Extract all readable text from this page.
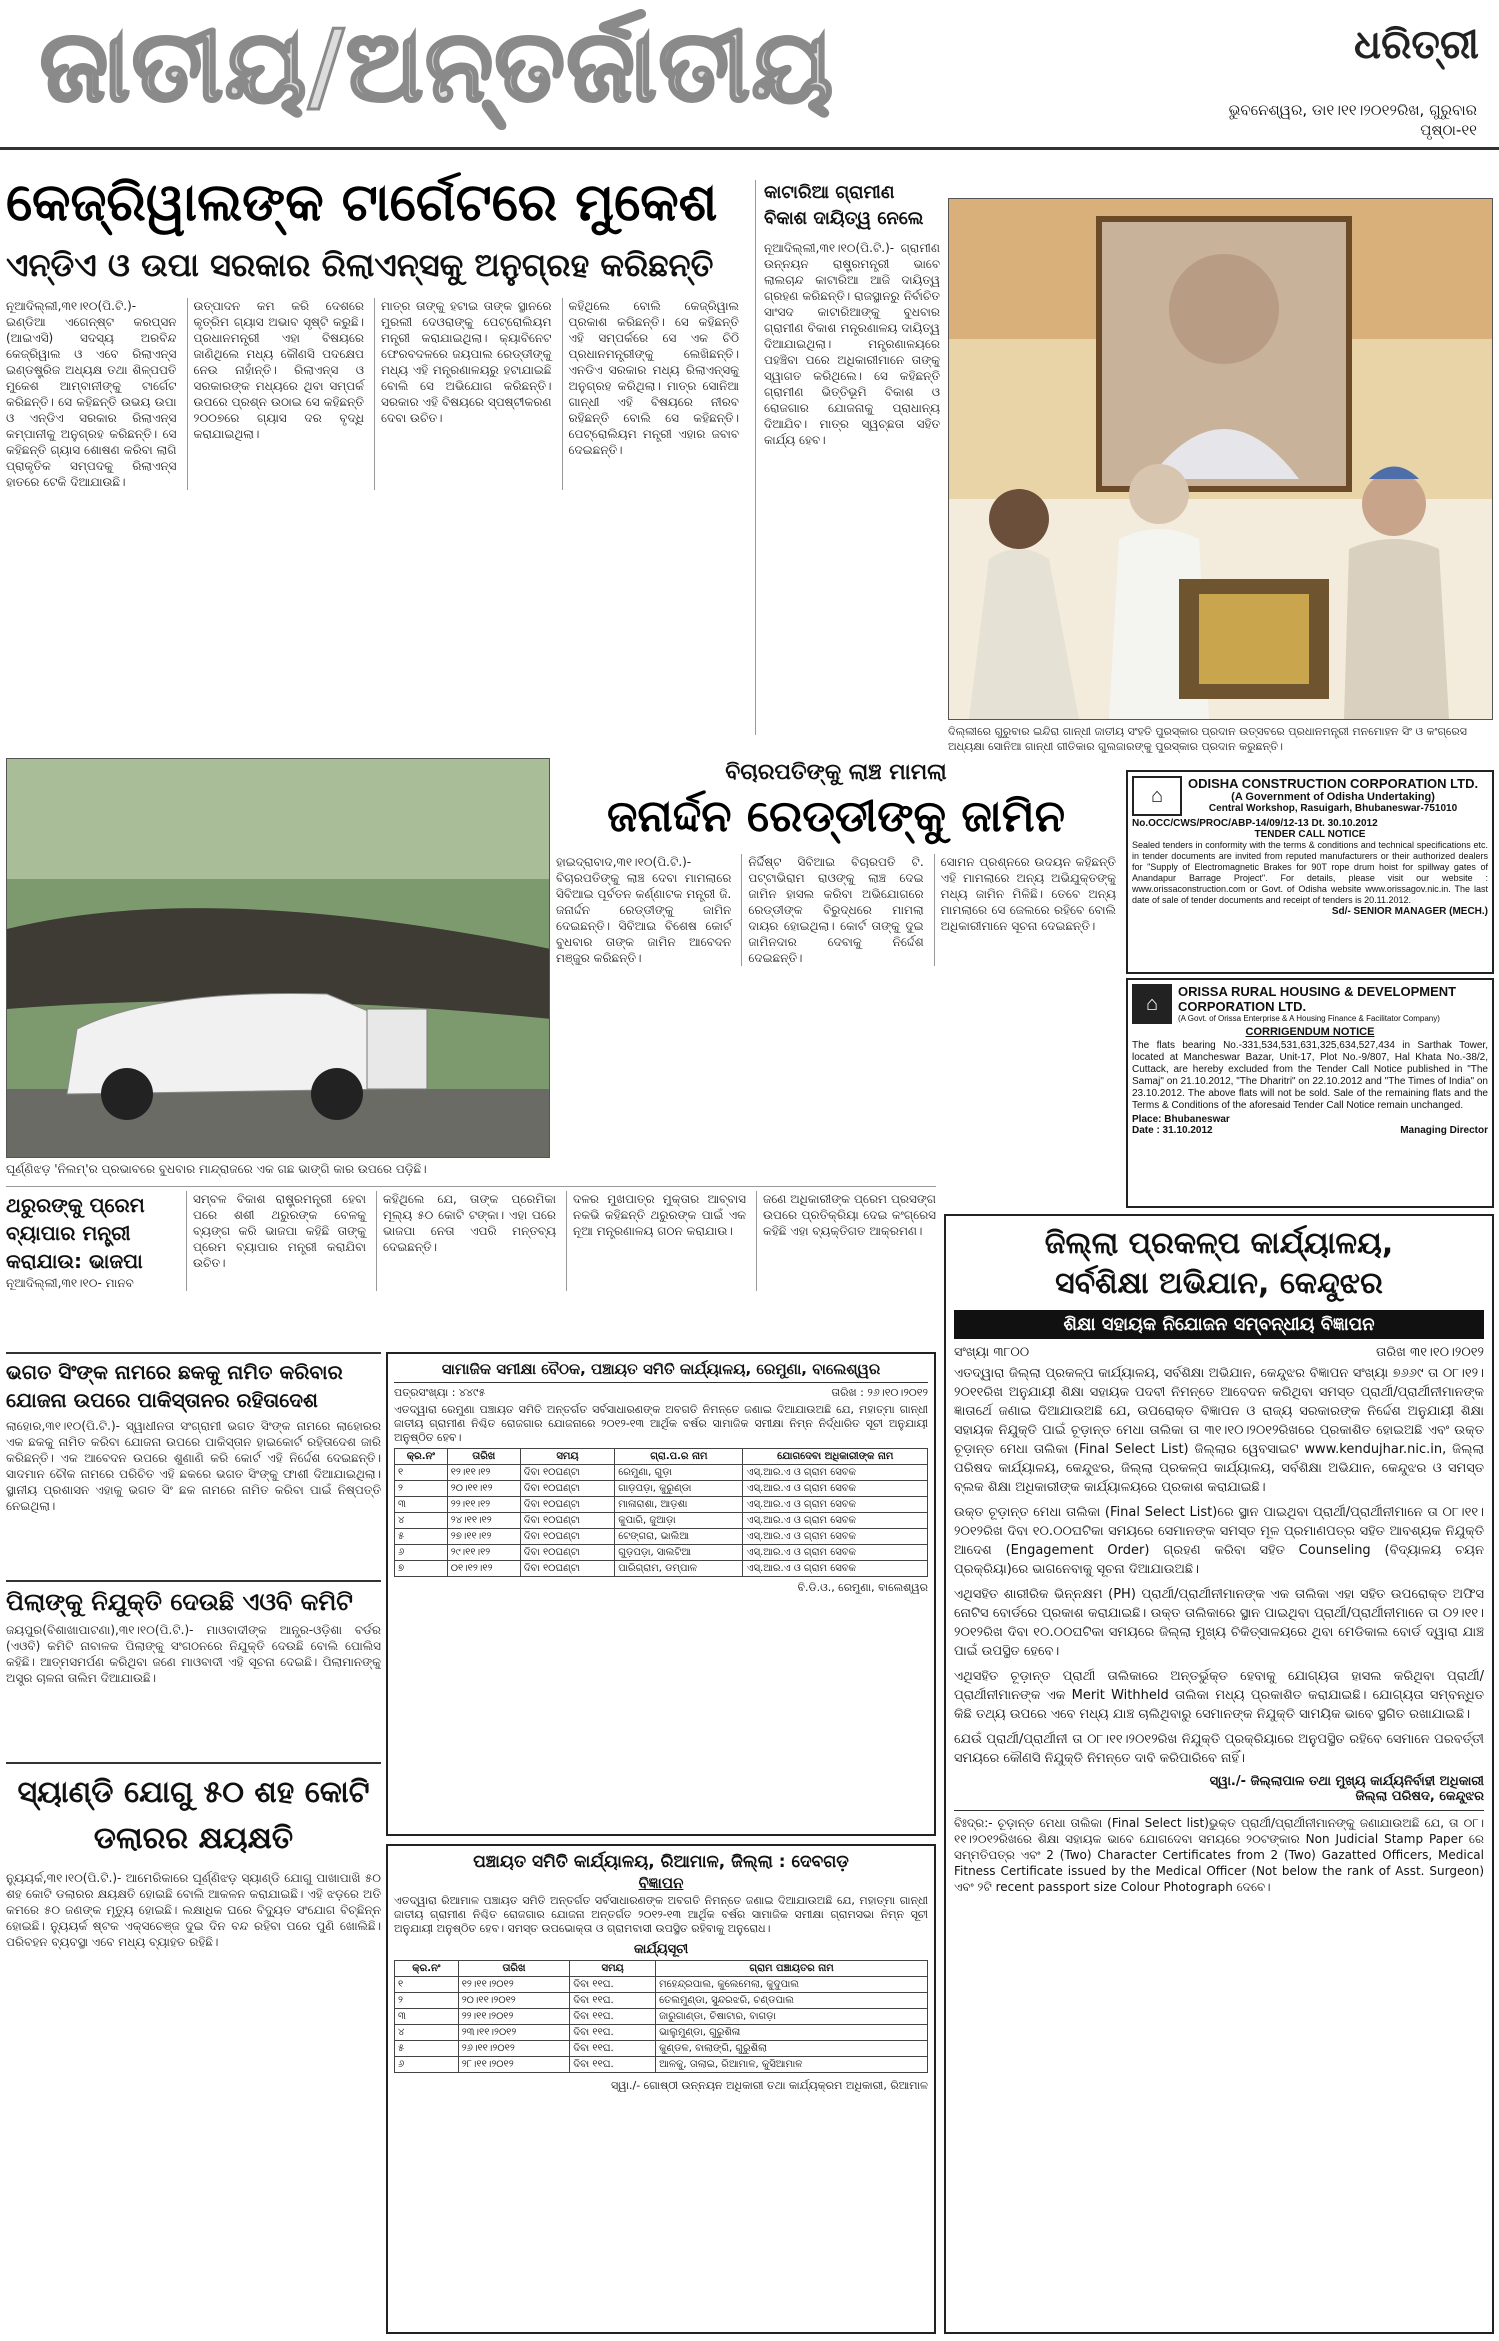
ଜାତୀୟ/ଅନ୍ତର୍ଜାତୀୟ	ଧରିତ୍ରୀ
ଭୁବନେଶ୍ୱର, ଡା୧।୧୧।୨୦୧୨ରିଖ, ଗୁରୁବାର
ପୃଷ୍ଠା-୧୧
କେଜ୍‌ରିୱାଲଙ୍କ ଟାର୍ଗେଟରେ ମୁକେଶ
ଏନ୍‌ଡିଏ ଓ ଉପା ସରକାର ରିଲାଏନ୍ସକୁ ଅନୁଗ୍ରହ କରିଛନ୍ତି
ନୂଆଦିଲ୍ଲୀ,୩୧।୧୦(ପି.ଟି.)- ଇଣ୍ଡିଆ ଏଗେନ୍‌ଷ୍ଟ କରପ୍ସନ (ଆଇଏସି) ସଦସ୍ୟ ଅରବିନ୍ଦ କେଜ୍‌ରିୱାଲ ଓ ଏବେ ରିଲାଏନ୍ସ ଇଣ୍ଡଷ୍ଟ୍ରିଜ ଅଧ୍ୟକ୍ଷ ତଥା ଶିଳ୍ପପତି ମୁକେଶ ଆମ୍ବାନୀଙ୍କୁ ଟାର୍ଗେଟ କରିଛନ୍ତି। ସେ କହିଛନ୍ତି ଉଭୟ ଉପା ଓ ଏନ୍‌ଡିଏ ସରକାର ରିଲାଏନ୍ସ କମ୍ପାନୀକୁ ଅନୁଗ୍ରହ କରିଛନ୍ତି। ସେ କହିଛନ୍ତି ଗ୍ୟାସ ଶୋଷଣ କରିବା ଲାଗି ପ୍ରାକୃତିକ ସମ୍ପଦକୁ ରିଲାଏନ୍ସ ହାତରେ ଟେକି ଦିଆଯାଉଛି।
ଉତ୍ପାଦନ କମ କରି ଦେଶରେ କୃତ୍ରିମ ଗ୍ୟାସ ଅଭାବ ସୃଷ୍ଟି କରୁଛି। ପ୍ରଧାନମନ୍ତ୍ରୀ ଏହା ବିଷୟରେ ଜାଣିଥିଲେ ମଧ୍ୟ କୌଣସି ପଦକ୍ଷେପ ନେଉ ନାହାଁନ୍ତି। ରିଲାଏନ୍ସ ଓ ସରକାରଙ୍କ ମଧ୍ୟରେ ଥିବା ସମ୍ପର୍କ ଉପରେ ପ୍ରଶ୍ନ ଉଠାଇ ସେ କହିଛନ୍ତି ୨୦୦୭ରେ ଗ୍ୟାସ ଦର ବୃଦ୍ଧି କରାଯାଇଥିଲା।
ମାତ୍ର ତାଙ୍କୁ ହଟାଇ ତାଙ୍କ ସ୍ଥାନରେ ମୁରଲୀ ଦେଓରାଙ୍କୁ ପେଟ୍ରୋଲିୟମ ମନ୍ତ୍ରୀ କରାଯାଇଥିଲା। କ୍ୟାବିନେଟ ଫେରବଦଳରେ ଜୟପାଲ ରେଡ୍ଡୀଙ୍କୁ ମଧ୍ୟ ଏହି ମନ୍ତ୍ରଣାଳୟରୁ ହଟାଯାଇଛି ବୋଲି ସେ ଅଭିଯୋଗ କରିଛନ୍ତି। ସରକାର ଏହି ବିଷୟରେ ସ୍ପଷ୍ଟୀକରଣ ଦେବା ଉଚିତ।
କହିଥିଲେ ବୋଲି କେଜ୍‌ରିୱାଲ ପ୍ରକାଶ କରିଛନ୍ତି। ସେ କହିଛନ୍ତି ଏହି ସମ୍ପର୍କରେ ସେ ଏକ ଚିଠି ପ୍ରଧାନମନ୍ତ୍ରୀଙ୍କୁ ଲେଖିଛନ୍ତି। ଏନଡିଏ ସରକାର ମଧ୍ୟ ରିଲାଏନ୍ସକୁ ଅନୁଗ୍ରହ କରିଥିଲା। ମାତ୍ର ସୋନିଆ ଗାନ୍ଧୀ ଏହି ବିଷୟରେ ନୀରବ ରହିଛନ୍ତି ବୋଲି ସେ କହିଛନ୍ତି। ପେଟ୍ରୋଲିୟମ ମନ୍ତ୍ରୀ ଏହାର ଜବାବ ଦେଇଛନ୍ତି।
କାଟାରିଆ ଗ୍ରାମୀଣ ବିକାଶ ଦାୟିତ୍ୱ ନେଲେ
ନୂଆଦିଲ୍ଲୀ,୩୧।୧୦(ପି.ଟି.)- ଗ୍ରାମୀଣ ଉନ୍ନୟନ ରାଷ୍ଟ୍ରମନ୍ତ୍ରୀ ଭାବେ ଲାଲଚାନ୍ଦ କାଟାରିଆ ଆଜି ଦାୟିତ୍ୱ ଗ୍ରହଣ କରିଛନ୍ତି। ରାଜସ୍ଥାନରୁ ନିର୍ବାଚିତ ସାଂସଦ କାଟାରିଆଙ୍କୁ ବୁଧବାର ଗ୍ରାମୀଣ ବିକାଶ ମନ୍ତ୍ରଣାଳୟ ଦାୟିତ୍ୱ ଦିଆଯାଇଥିଲା। ମନ୍ତ୍ରଣାଳୟରେ ପହଞ୍ଚିବା ପରେ ଅଧିକାରୀମାନେ ତାଙ୍କୁ ସ୍ୱାଗତ କରିଥିଲେ। ସେ କହିଛନ୍ତି ଗ୍ରାମୀଣ ଭିତ୍ତିଭୂମି ବିକାଶ ଓ ରୋଜଗାର ଯୋଜନାକୁ ପ୍ରାଧାନ୍ୟ ଦିଆଯିବ। ମାତ୍ର ସ୍ୱଚ୍ଛତା ସହିତ କାର୍ଯ୍ୟ ହେବ।
ଦିଲ୍ଲୀରେ ଗୁରୁବାର ଇନ୍ଦିରା ଗାନ୍ଧୀ ଜାତୀୟ ସଂହତି ପୁରସ୍କାର ପ୍ରଦାନ ଉତ୍ସବରେ ପ୍ରଧାନମନ୍ତ୍ରୀ ମନମୋହନ ସିଂ ଓ କଂଗ୍ରେସ ଅଧ୍ୟକ୍ଷା ସୋନିଆ ଗାନ୍ଧୀ ଗୀତିକାର ଗୁଲଜାରଙ୍କୁ ପୁରସ୍କାର ପ୍ରଦାନ କରୁଛନ୍ତି।
ଘୂର୍ଣ୍ଣିଝଡ଼ 'ନିଲମ୍‌'ର ପ୍ରଭାବରେ ବୁଧବାର ମାନ୍ଦ୍ରାଜରେ ଏକ ଗଛ ଭାଙ୍ଗି କାର ଉପରେ ପଡ଼ିଛି।
ବିଚାରପତିଙ୍କୁ ଲାଞ୍ଚ ମାମଲା
ଜନାର୍ଦ୍ଦନ ରେଡ୍ଡୀଙ୍କୁ ଜାମିନ
ହାଇଦ୍ରାବାଦ,୩୧।୧୦(ପି.ଟି.)- ବିଚାରପତିଙ୍କୁ ଲାଞ୍ଚ ଦେବା ମାମଲାରେ ସିବିଆଇ ପୂର୍ବତନ କର୍ଣ୍ଣାଟକ ମନ୍ତ୍ରୀ ଜି. ଜନାର୍ଦ୍ଦନ ରେଡ୍ଡୀଙ୍କୁ ଜାମିନ ଦେଇଛନ୍ତି। ସିବିଆଇ ବିଶେଷ କୋର୍ଟ ବୁଧବାର ତାଙ୍କ ଜାମିନ ଆବେଦନ ମଞ୍ଜୁର କରିଛନ୍ତି।
ନିର୍ଦ୍ଦିଷ୍ଟ ସିବିଆଇ ବିଚାରପତି ଟି. ପଟ୍ଟାଭିରାମ ରାଓଙ୍କୁ ଲାଞ୍ଚ ଦେଇ ଜାମିନ ହାସଲ କରିବା ଅଭିଯୋଗରେ ରେଡ୍ଡୀଙ୍କ ବିରୁଦ୍ଧରେ ମାମଲା ଦାୟର ହୋଇଥିଲା। କୋର୍ଟ ତାଙ୍କୁ ଦୁଇ ଜାମିନଦାର ଦେବାକୁ ନିର୍ଦ୍ଦେଶ ଦେଇଛନ୍ତି।
ସୋମନ ପ୍ରଶ୍ନରେ ଉଦୟନ କହିଛନ୍ତି ଏହି ମାମଲାରେ ଅନ୍ୟ ଅଭିଯୁକ୍ତଙ୍କୁ ମଧ୍ୟ ଜାମିନ ମିଳିଛି। ତେବେ ଅନ୍ୟ ମାମଲାରେ ସେ ଜେଲରେ ରହିବେ ବୋଲି ଅଧିକାରୀମାନେ ସୂଚନା ଦେଇଛନ୍ତି।
⌂
ODISHA CONSTRUCTION CORPORATION LTD.
(A Government of Odisha Undertaking)
Central Workshop, Rasuigarh, Bhubaneswar-751010
No.OCC/CWS/PROC/ABP-14/09/12-13 Dt. 30.10.2012
TENDER CALL NOTICE
Sealed tenders in conformity with the terms & conditions and technical specifications etc. in tender documents are invited from reputed manufacturers or their authorized dealers for "Supply of Electromagnetic Brakes for 90T rope drum hoist for spillway gates of Anandapur Barrage Project". For details, please visit our website : www.orissaconstruction.com or Govt. of Odisha website www.orissagov.nic.in. The last date of sale of tender documents and receipt of tenders is 20.11.2012.
Sd/- SENIOR MANAGER (MECH.)
⌂
ORISSA RURAL HOUSING & DEVELOPMENT CORPORATION LTD.
(A Govt. of Orissa Enterprise & A Housing Finance & Facilitator Company)
CORRIGENDUM NOTICE
The flats bearing No.-331,534,531,631,325,634,527,434 in Sarthak Tower, located at Mancheswar Bazar, Unit-17, Plot No.-9/807, Hal Khata No.-38/2, Cuttack, are hereby excluded from the Tender Call Notice published in "The Samaj" on 21.10.2012, "The Dharitri" on 22.10.2012 and "The Times of India" on 23.10.2012. The above flats will not be sold. Sale of the remaining flats and the Terms & Conditions of the aforesaid Tender Call Notice remain unchanged.
Place: Bhubaneswar
Date : 31.10.2012	Managing Director
ଥରୁରଙ୍କୁ ପ୍ରେମ ବ୍ୟାପାର ମନ୍ତ୍ରୀ କରାଯାଉ: ଭାଜପା
ନୂଆଦିଲ୍ଲୀ,୩୧।୧୦- ମାନବ
ସମ୍ବଳ ବିକାଶ ରାଷ୍ଟ୍ରମନ୍ତ୍ରୀ ହେବା ପରେ ଶଶୀ ଥରୁରଙ୍କ ବେଳକୁ ବ୍ୟଙ୍ଗ କରି ଭାଜପା କହିଛି ତାଙ୍କୁ ପ୍ରେମ ବ୍ୟାପାର ମନ୍ତ୍ରୀ କରାଯିବା ଉଚିତ।
କହିଥିଲେ ଯେ, ତାଙ୍କ ପ୍ରେମିକା ମୂଲ୍ୟ ୫୦ କୋଟି ଟଙ୍କା। ଏହା ପରେ ଭାଜପା ନେତା ଏପରି ମନ୍ତବ୍ୟ ଦେଇଛନ୍ତି।
ଦଳର ମୁଖପାତ୍ର ମୁକ୍ତାର ଆବ୍ବାସ ନକଭି କହିଛନ୍ତି ଥରୁରଙ୍କ ପାଇଁ ଏକ ନୂଆ ମନ୍ତ୍ରଣାଳୟ ଗଠନ କରାଯାଉ।
ଜଣେ ଅଧିକାରୀଙ୍କ ପ୍ରେମ ପ୍ରସଙ୍ଗ ଉପରେ ପ୍ରତିକ୍ରିୟା ଦେଇ କଂଗ୍ରେସ କହିଛି ଏହା ବ୍ୟକ୍ତିଗତ ଆକ୍ରମଣ।
ଭଗତ ସିଂଙ୍କ ନାମରେ ଛକକୁ ନାମିତ କରିବାର ଯୋଜନା ଉପରେ ପାକିସ୍ତାନର ରହିତାଦେଶ
ଲାହୋର,୩୧।୧୦(ପି.ଟି.)- ସ୍ୱାଧୀନତା ସଂଗ୍ରାମୀ ଭଗତ ସିଂଙ୍କ ନାମରେ ଲାହୋରର ଏକ ଛକକୁ ନାମିତ କରିବା ଯୋଜନା ଉପରେ ପାକିସ୍ତାନ ହାଇକୋର୍ଟ ରହିତାଦେଶ ଜାରି କରିଛନ୍ତି। ଏକ ଆବେଦନ ଉପରେ ଶୁଣାଣି କରି କୋର୍ଟ ଏହି ନିର୍ଦ୍ଦେଶ ଦେଇଛନ୍ତି। ସାଦମାନ ଚୌକ ନାମରେ ପରିଚିତ ଏହି ଛକରେ ଭଗତ ସିଂଙ୍କୁ ଫାଶୀ ଦିଆଯାଇଥିଲା। ସ୍ଥାନୀୟ ପ୍ରଶାସନ ଏହାକୁ ଭଗତ ସିଂ ଛକ ନାମରେ ନାମିତ କରିବା ପାଇଁ ନିଷ୍ପତ୍ତି ନେଇଥିଲା।
ପିଲାଙ୍କୁ ନିଯୁକ୍ତି ଦେଉଛି ଏଓବି କମିଟି
ଜୟପୁର(ବିଶାଖାପାଟଣା),୩୧।୧୦(ପି.ଟି.)- ମାଓବାଦୀଙ୍କ ଆନ୍ଧ୍ର-ଓଡ଼ିଶା ବର୍ଡର (ଏଓବି) କମିଟି ନାବାଳକ ପିଲାଙ୍କୁ ସଂଗଠନରେ ନିଯୁକ୍ତି ଦେଉଛି ବୋଲି ପୋଲିସ କହିଛି। ଆତ୍ମସମର୍ପଣ କରିଥିବା ଜଣେ ମାଓବାଦୀ ଏହି ସୂଚନା ଦେଇଛି। ପିଲାମାନଙ୍କୁ ଅସ୍ତ୍ର ଚାଳନା ତାଲିମ ଦିଆଯାଉଛି।
ସ୍ୟାଣ୍ଡି ଯୋଗୁ ୫୦ ଶହ କୋଟି ଡଲାରର କ୍ଷୟକ୍ଷତି
ନ୍ୟୁୟର୍କ,୩୧।୧୦(ପି.ଟି.)- ଆମେରିକାରେ ଘୂର୍ଣ୍ଣିଝଡ଼ ସ୍ୟାଣ୍ଡି ଯୋଗୁ ପାଖାପାଖି ୫୦ ଶହ କୋଟି ଡଲାରର କ୍ଷୟକ୍ଷତି ହୋଇଛି ବୋଲି ଆକଳନ କରାଯାଇଛି। ଏହି ଝଡ଼ରେ ଅତି କମରେ ୫୦ ଜଣଙ୍କ ମୃତ୍ୟୁ ହୋଇଛି। ଲକ୍ଷାଧିକ ଘରେ ବିଦ୍ୟୁତ ସଂଯୋଗ ବିଚ୍ଛିନ୍ନ ହୋଇଛି। ନ୍ୟୁୟର୍କ ଷ୍ଟକ ଏକ୍ସଚେଞ୍ଜ ଦୁଇ ଦିନ ବନ୍ଦ ରହିବା ପରେ ପୁଣି ଖୋଲିଛି। ପରିବହନ ବ୍ୟବସ୍ଥା ଏବେ ମଧ୍ୟ ବ୍ୟାହତ ରହିଛି।
ସାମାଜିକ ସମୀକ୍ଷା ବୈଠକ, ପଞ୍ଚାୟତ ସମିତି କାର୍ଯ୍ୟାଳୟ, ରେମୁଣା, ବାଲେଶ୍ୱର
ପତ୍ରସଂଖ୍ୟା : ୪୪୯୫	ତାରିଖ : ୨୬।୧୦।୨୦୧୨
ଏତଦ୍ୱାରା ରେମୁଣା ପଞ୍ଚାୟତ ସମିତି ଅନ୍ତର୍ଗତ ସର୍ବସାଧାରଣଙ୍କ ଅବଗତି ନିମନ୍ତେ ଜଣାଇ ଦିଆଯାଉଅଛି ଯେ, ମହାତ୍ମା ଗାନ୍ଧୀ ଜାତୀୟ ଗ୍ରାମୀଣ ନିଶ୍ଚିତ ରୋଜଗାର ଯୋଜନାରେ ୨୦୧୨-୧୩ ଆର୍ଥିକ ବର୍ଷର ସାମାଜିକ ସମୀକ୍ଷା ନିମ୍ନ ନିର୍ଦ୍ଧାରିତ ସୂଚୀ ଅନୁଯାୟୀ ଅନୁଷ୍ଠିତ ହେବ।
କ୍ର.ନଂ	ତାରିଖ	ସମୟ	ଗ୍ରା.ପ.ର ନାମ	ଯୋଗଦେବା ଅଧିକାରୀଙ୍କ ନାମ
୧	୧୨।୧୧।୧୨	ଦିବା ୧୦ଘଣ୍ଟା	ରେମୁଣା, ଗୁଡ଼ା	ଏସ୍‌.ଆର.ଏ ଓ ଗ୍ରାମ ସେବକ
୨	୨୦।୧୧।୧୨	ଦିବା ୧୦ଘଣ୍ଟା	ଗାଡ଼ପଡ଼ା, କୁରୁଣ୍ଡା	ଏସ୍‌.ଆର.ଏ ଓ ଗ୍ରାମ ସେବକ
୩	୨୨।୧୧।୧୨	ଦିବା ୧୦ଘଣ୍ଟା	ମାଳାରାଶା, ଆଡ଼ଶା	ଏସ୍‌.ଆର.ଏ ଓ ଗ୍ରାମ ସେବକ
୪	୨୪।୧୧।୧୨	ଦିବା ୧୦ଘଣ୍ଟା	କୁପାରି, ଜୁଆଡ଼ା	ଏସ୍‌.ଆର.ଏ ଓ ଗ୍ରାମ ସେବକ
୫	୨୭।୧୧।୧୨	ଦିବା ୧୦ଘଣ୍ଟା	ଟେଙ୍ଗରା, ଭାଲିଆ	ଏସ୍‌.ଆର.ଏ ଓ ଗ୍ରାମ ସେବକ
୬	୨୯।୧୧।୧୨	ଦିବା ୧୦ଘଣ୍ଟା	ଗୁଡ଼ପଡ଼ା, ସାଲଟିଆ	ଏସ୍‌.ଆର.ଏ ଓ ଗ୍ରାମ ସେବକ
୭	୦୧।୧୨।୧୨	ଦିବା ୧୦ଘଣ୍ଟା	ପାରିଗ୍ରାମ, ଡମ୍ପାଳ	ଏସ୍‌.ଆର.ଏ ଓ ଗ୍ରାମ ସେବକ
ବି.ଡି.ଓ., ରେମୁଣା, ବାଲେଶ୍ୱର
ପଞ୍ଚାୟତ ସମିତି କାର୍ଯ୍ୟାଳୟ, ରିଆମାଳ, ଜିଲ୍ଲା : ଦେବଗଡ଼
ବିଜ୍ଞାପନ
ଏତଦ୍ୱାରା ରିଆମାଳ ପଞ୍ଚାୟତ ସମିତି ଅନ୍ତର୍ଗତ ସର୍ବସାଧାରଣଙ୍କ ଅବଗତି ନିମନ୍ତେ ଜଣାଇ ଦିଆଯାଉଅଛି ଯେ, ମହାତ୍ମା ଗାନ୍ଧୀ ଜାତୀୟ ଗ୍ରାମୀଣ ନିଶ୍ଚିତ ରୋଜଗାର ଯୋଜନା ଅନ୍ତର୍ଗତ ୨୦୧୨-୧୩ ଆର୍ଥିକ ବର୍ଷର ସାମାଜିକ ସମୀକ୍ଷା ଗ୍ରାମସଭା ନିମ୍ନ ସୂଚୀ ଅନୁଯାୟୀ ଅନୁଷ୍ଠିତ ହେବ। ସମସ୍ତ ଉପଭୋକ୍ତା ଓ ଗ୍ରାମବାସୀ ଉପସ୍ଥିତ ରହିବାକୁ ଅନୁରୋଧ।
କାର୍ଯ୍ୟସୂଚୀ
କ୍ର.ନଂ	ତାରିଖ	ସମୟ	ଗ୍ରାମ ପଞ୍ଚାୟତର ନାମ
୧	୧୨।୧୧।୨୦୧୨	ଦିବା ୧୧ଘ.	ମହେନ୍ଦ୍ରପାଲ, କୁଲେମେଲା, କୁଦୁପାଲ
୨	୨୦।୧୧।୨୦୧୨	ଦିବା ୧୧ଘ.	ତେଲମୁଣ୍ଡା, ସୁନ୍ଦରଝରି, ଚଣ୍ଡପାଲ
୩	୨୨।୧୧।୨୦୧୨	ଦିବା ୧୧ଘ.	ଜାରୁଗାଣ୍ଡା, ଚିଷାଟାର, ବାଗଡ଼ା
୪	୨୩।୧୧।୨୦୧୨	ଦିବା ୧୧ଘ.	ଭାଲୁମୁଣ୍ଡା, ଗୁରୁଶିଳା
୫	୨୬।୧୧।୨୦୧୨	ଦିବା ୧୧ଘ.	କୁଣ୍ଡଳ, ବାଲାଙ୍ଗି, ଗୁରୁଶିଲା
୬	୨୮।୧୧।୨୦୧୨	ଦିବା ୧୧ଘ.	ଆଳକୁ, ତାଲାଇ, ରିଆମାଳ, କୁସିଆମାଳ
ସ୍ୱା./- ଗୋଷ୍ଠୀ ଉନ୍ନୟନ ଅଧିକାରୀ ତଥା କାର୍ଯ୍ୟକ୍ରମ ଅଧିକାରୀ, ରିଆମାଳ
ଜିଲ୍ଲା ପ୍ରକଳ୍ପ କାର୍ଯ୍ୟାଳୟ,
ସର୍ବଶିକ୍ଷା ଅଭିଯାନ, କେନ୍ଦୁଝର
ଶିକ୍ଷା ସହାୟକ ନିଯୋଜନ ସମ୍ବନ୍ଧୀୟ ବିଜ୍ଞାପନ
ସଂଖ୍ୟା ୩୮୦୦	ତାରିଖ ୩୧।୧୦।୨୦୧୨

ଏତଦ୍ୱାରା ଜିଲ୍ଲା ପ୍ରକଳ୍ପ କାର୍ଯ୍ୟାଳୟ, ସର୍ବଶିକ୍ଷା ଅଭିଯାନ, କେନ୍ଦୁଝର ବିଜ୍ଞାପନ ସଂଖ୍ୟା ୭୬୬୯ ତା ୦୮।୧୨।୨୦୧୧ରିଖ ଅନୁଯାୟୀ ଶିକ୍ଷା ସହାୟକ ପଦବୀ ନିମନ୍ତେ ଆବେଦନ କରିଥିବା ସମସ୍ତ ପ୍ରାର୍ଥୀ/ପ୍ରାର୍ଥୀନୀମାନଙ୍କ ଜ୍ଞାତାର୍ଥେ ଜଣାଇ ଦିଆଯାଉଅଛି ଯେ, ଉପରୋକ୍ତ ବିଜ୍ଞାପନ ଓ ରାଜ୍ୟ ସରକାରଙ୍କ ନିର୍ଦ୍ଦେଶ ଅନୁଯାୟୀ ଶିକ୍ଷା ସହାୟକ ନିଯୁକ୍ତି ପାଇଁ ଚୂଡ଼ାନ୍ତ ମେଧା ତାଲିକା ତା ୩୧।୧୦।୨୦୧୨ରିଖରେ ପ୍ରକାଶିତ ହୋଇଅଛି ଏବଂ ଉକ୍ତ ଚୂଡ଼ାନ୍ତ ମେଧା ତାଲିକା (Final Select List) ଜିଲ୍ଲାର ୱେବସାଇଟ www.kendujhar.nic.in, ଜିଲ୍ଲା ପରିଷଦ କାର୍ଯ୍ୟାଳୟ, କେନ୍ଦୁଝର, ଜିଲ୍ଲା ପ୍ରକଳ୍ପ କାର୍ଯ୍ୟାଳୟ, ସର୍ବଶିକ୍ଷା ଅଭିଯାନ, କେନ୍ଦୁଝର ଓ ସମସ୍ତ ବ୍ଲକ ଶିକ୍ଷା ଅଧିକାରୀଙ୍କ କାର୍ଯ୍ୟାଳୟରେ ପ୍ରକାଶ କରାଯାଇଛି।

ଉକ୍ତ ଚୂଡ଼ାନ୍ତ ମେଧା ତାଲିକା (Final Select List)ରେ ସ୍ଥାନ ପାଇଥିବା ପ୍ରାର୍ଥୀ/ପ୍ରାର୍ଥୀନୀମାନେ ତା ୦୮।୧୧।୨୦୧୨ରିଖ ଦିବା ୧୦.୦୦ଘଟିକା ସମୟରେ ସେମାନଙ୍କ ସମସ୍ତ ମୂଳ ପ୍ରମାଣପତ୍ର ସହିତ ଆବଶ୍ୟକ ନିଯୁକ୍ତି ଆଦେଶ (Engagement Order) ଗ୍ରହଣ କରିବା ସହିତ Counseling (ବିଦ୍ୟାଳୟ ଚୟନ ପ୍ରକ୍ରିୟା)ରେ ଭାଗନେବାକୁ ସୂଚନା ଦିଆଯାଉଅଛି।

ଏଥିସହିତ ଶାରୀରିକ ଭିନ୍ନକ୍ଷମ (PH) ପ୍ରାର୍ଥୀ/ପ୍ରାର୍ଥୀନୀମାନଙ୍କ ଏକ ତାଲିକା ଏହା ସହିତ ଉପରୋକ୍ତ ଅଫିସ ନୋଟିସ ବୋର୍ଡରେ ପ୍ରକାଶ କରାଯାଇଛି। ଉକ୍ତ ତାଲିକାରେ ସ୍ଥାନ ପାଇଥିବା ପ୍ରାର୍ଥୀ/ପ୍ରାର୍ଥୀନୀମାନେ ତା ୦୨।୧୧।୨୦୧୨ରିଖ ଦିବା ୧୦.୦୦ଘଟିକା ସମୟରେ ଜିଲ୍ଲା ମୁଖ୍ୟ ଚିକିତ୍ସାଳୟରେ ଥିବା ମେଡିକାଲ ବୋର୍ଡ ଦ୍ୱାରା ଯାଞ୍ଚ ପାଇଁ ଉପସ୍ଥିତ ହେବେ।

ଏଥିସହିତ ଚୂଡ଼ାନ୍ତ ପ୍ରାର୍ଥୀ ତାଲିକାରେ ଅନ୍ତର୍ଭୁକ୍ତ ହେବାକୁ ଯୋଗ୍ୟତା ହାସଲ କରିଥିବା ପ୍ରାର୍ଥୀ/ପ୍ରାର୍ଥୀନୀମାନଙ୍କ ଏକ Merit Withheld ତାଲିକା ମଧ୍ୟ ପ୍ରକାଶିତ କରାଯାଇଛି। ଯୋଗ୍ୟତା ସମ୍ବନ୍ଧିତ କିଛି ତଥ୍ୟ ଉପରେ ଏବେ ମଧ୍ୟ ଯାଞ୍ଚ ଚାଲିଥିବାରୁ ସେମାନଙ୍କ ନିଯୁକ୍ତି ସାମୟିକ ଭାବେ ସ୍ଥଗିତ ରଖାଯାଇଛି।

ଯେଉଁ ପ୍ରାର୍ଥୀ/ପ୍ରାର୍ଥୀନୀ ତା ୦୮।୧୧।୨୦୧୨ରିଖ ନିଯୁକ୍ତି ପ୍ରକ୍ରିୟାରେ ଅନୁପସ୍ଥିତ ରହିବେ ସେମାନେ ପରବର୍ତ୍ତୀ ସମୟରେ କୌଣସି ନିଯୁକ୍ତି ନିମନ୍ତେ ଦାବି କରିପାରିବେ ନାହିଁ।

ସ୍ୱା./- ଜିଲ୍ଲାପାଳ ତଥା ମୁଖ୍ୟ କାର୍ଯ୍ୟନିର୍ବାହୀ ଅଧିକାରୀ
ଜିଲ୍ଲା ପରିଷଦ, କେନ୍ଦୁଝର
ବିଃଦ୍ର:- ଚୂଡ଼ାନ୍ତ ମେଧା ତାଲିକା (Final Select list)ଭୁକ୍ତ ପ୍ରାର୍ଥୀ/ପ୍ରାର୍ଥୀନୀମାନଙ୍କୁ ଜଣାଯାଉଅଛି ଯେ, ତା ୦୮।୧୧।୨୦୧୨ରିଖରେ ଶିକ୍ଷା ସହାୟକ ଭାବେ ଯୋଗଦେବା ସମୟରେ ୨୦ଟଙ୍କାର Non Judicial Stamp Paper ରେ ସମ୍ମତିପତ୍ର ଏବଂ 2 (Two) Character Certificates from 2 (Two) Gazatted Officers, Medical Fitness Certificate issued by the Medical Officer (Not below the rank of Asst. Surgeon) ଏବଂ ୨ଟି recent passport size Colour Photograph ଦେବେ।
